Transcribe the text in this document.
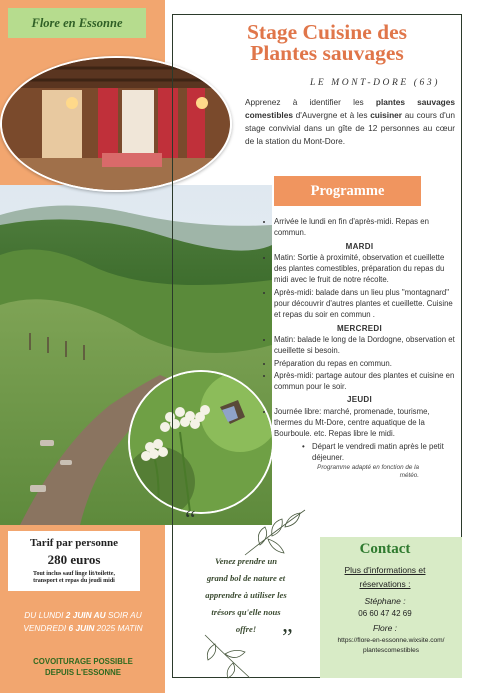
Flore en Essonne	Stage Cuisine des
Plantes sauvages
LE MONT-DORE (63)
Apprenez à identifier les plantes sauvages comestibles d'Auvergne et à les cuisiner au cours d'un stage convivial dans un gîte de 12 personnes au cœur de la station du Mont-Dore.
Programme
• Arrivée le lundi en fin d'après-midi. Repas en commun.
MARDI
• Matin: Sortie à proximité, observation et cueillette des plantes comestibles, préparation du repas du midi avec le fruit de notre récolte.
• Après-midi: balade dans un lieu plus "montagnard" pour découvrir d'autres plantes et cueillette. Cuisine et repas du soir en commun .
MERCREDI
• Matin: balade le long de la Dordogne, observation et cueillette si besoin.
• Préparation du repas en commun.
• Après-midi: partage autour des plantes et cuisine en commun pour le soir.
JEUDI
• Journée libre: marché, promenade, tourisme, thermes du Mt-Dore, centre aquatique de la Bourboule. etc. Repas libre le midi.
• Départ le vendredi matin après le petit déjeuner.
Programme adapté en fonction de la
météo.
“
Venez prendre un
grand bol de nature et
apprendre à utiliser les
trésors qu'elle nous
offre!	”
Contact
Plus d'informations et
réservations :
Stéphane :
06 60 47 42 69
Flore :
https://flore-en-essonne.wixsite.com/
plantescomestibles
Tarif par personne
280 euros
Tout inclus sauf linge lit/toilette,
transport et repas du jeudi midi
DU LUNDI 2 JUIN AU SOIR AU
VENDREDI 6 JUIN 2025 MATIN
COVOITURAGE POSSIBLE
DEPUIS L'ESSONNE
